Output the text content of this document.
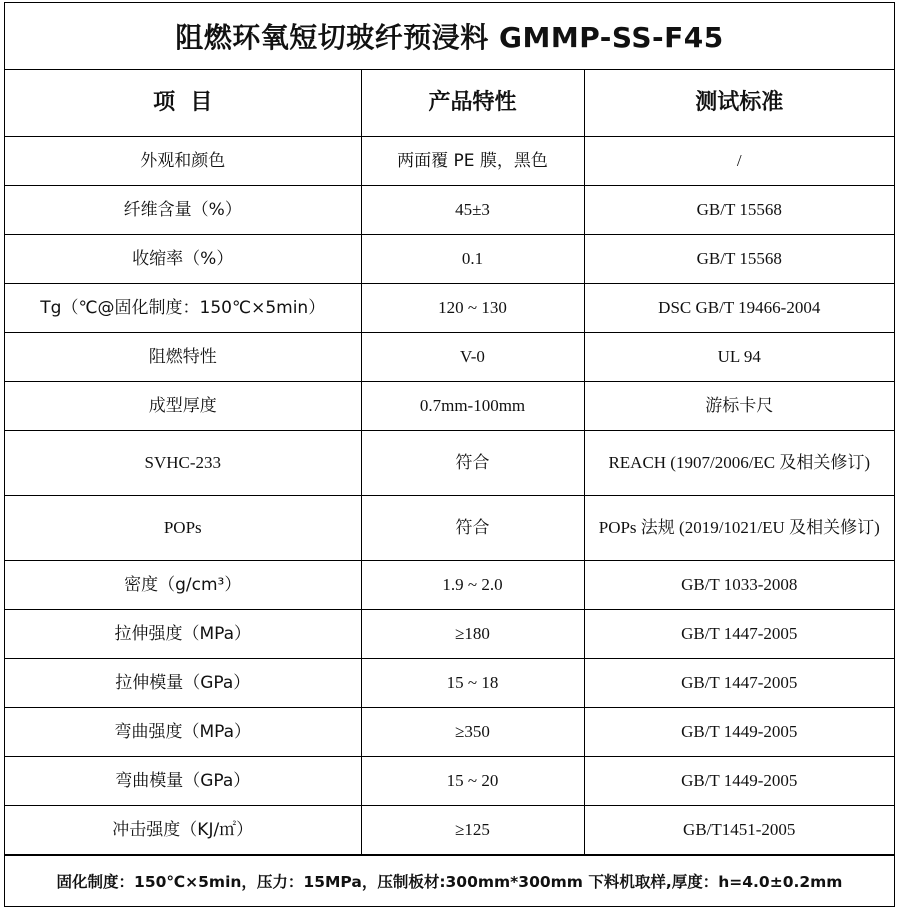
阻燃环氧短切玻纤预浸料 GMMP-SS-F45
项  目	产品特性	测试标准
外观和颜色	两面覆 PE 膜，黑色	/
纤维含量（%）	45±3	GB/T 15568
收缩率（%）	0.1	GB/T 15568
Tg（℃@固化制度：150℃×5min）	120 ~ 130	DSC GB/T 19466-2004
阻燃特性	V-0	UL 94
成型厚度	0.7mm-100mm	游标卡尺
SVHC-233	符合	REACH (1907/2006/EC 及相关修订)
POPs	符合	POPs 法规 (2019/1021/EU 及相关修订)
密度（g/cm³）	1.9 ~ 2.0	GB/T 1033-2008
拉伸强度（MPa）	≥180	GB/T 1447-2005
拉伸模量（GPa）	15 ~ 18	GB/T 1447-2005
弯曲强度（MPa）	≥350	GB/T 1449-2005
弯曲模量（GPa）	15 ~ 20	GB/T 1449-2005
冲击强度（KJ/㎡）	≥125	GB/T1451-2005
固化制度：150℃×5min，压力：15MPa，压制板材:300mm*300mm 下料机取样,厚度：h=4.0±0.2mm
